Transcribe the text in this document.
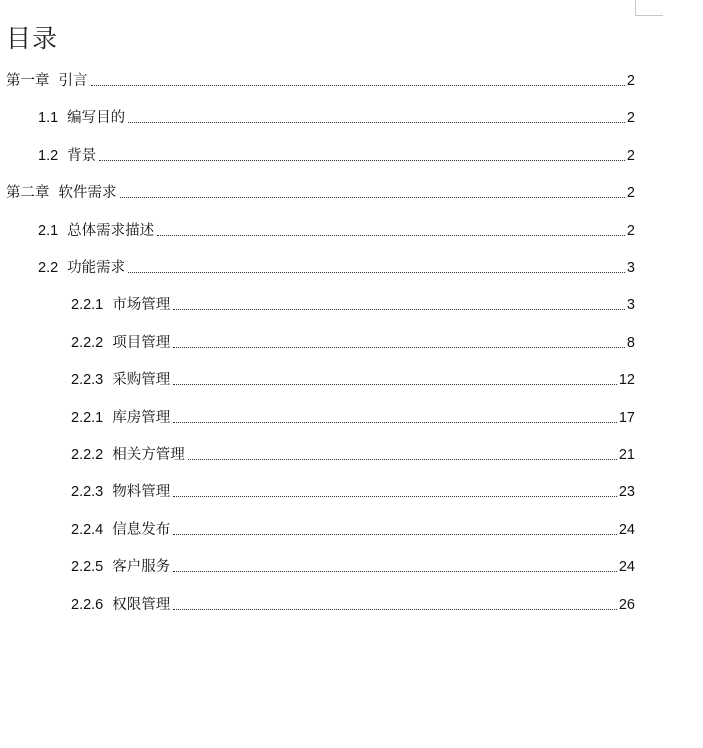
目录
第一章 引言	2
1.1 编写目的	2
1.2 背景	2
第二章 软件需求	2
2.1 总体需求描述	2
2.2 功能需求	3
2.2.1 市场管理	3
2.2.2 项目管理	8
2.2.3 采购管理	12
2.2.1 库房管理	17
2.2.2 相关方管理	21
2.2.3 物料管理	23
2.2.4 信息发布	24
2.2.5 客户服务	24
2.2.6 权限管理	26
